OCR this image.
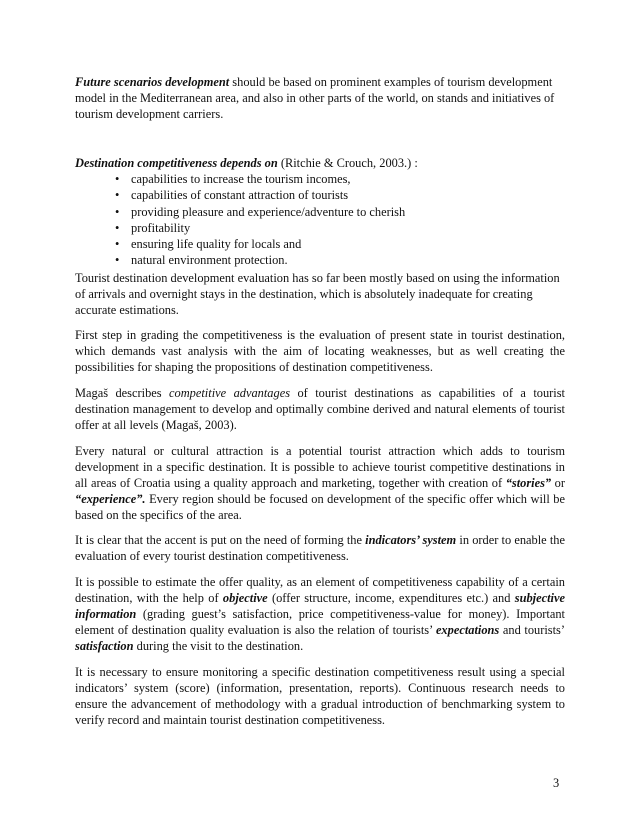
Future scenarios development should be based on prominent examples of tourism development model in the Mediterranean area, and also in other parts of the world, on stands and initiatives of tourism development carriers.

Destination competitiveness depends on (Ritchie & Crouch, 2003.) :

• capabilities to increase the tourism incomes,
• capabilities of constant attraction of tourists
• providing pleasure and experience/adventure to cherish
• profitability
• ensuring life quality for locals and
• natural environment protection.

Tourist destination development evaluation has so far been mostly based on using the information of arrivals and overnight stays in the destination, which is absolutely inadequate for creating accurate estimations.

First step in grading the competitiveness is the evaluation of present state in tourist destination, which demands vast analysis with the aim of locating weaknesses, but as well creating the possibilities for shaping the propositions of destination competitiveness.

Magaš describes competitive advantages of tourist destinations as capabilities of a tourist destination management to develop and optimally combine derived and natural elements of tourist offer at all levels (Magaš, 2003).

Every natural or cultural attraction is a potential tourist attraction which adds to tourism development in a specific destination. It is possible to achieve tourist competitive destinations in all areas of Croatia using a quality approach and marketing, together with creation of “stories” or “experience”. Every region should be focused on development of the specific offer which will be based on the specifics of the area.

It is clear that the accent is put on the need of forming the indicators’ system in order to enable the evaluation of every tourist destination competitiveness.

It is possible to estimate the offer quality, as an element of competitiveness capability of a certain destination, with the help of objective (offer structure, income, expenditures etc.) and subjective information (grading guest’s satisfaction, price competitiveness-value for money). Important element of destination quality evaluation is also the relation of tourists’ expectations and tourists’ satisfaction during the visit to the destination.

It is necessary to ensure monitoring a specific destination competitiveness result using a special indicators’ system (score) (information, presentation, reports). Continuous research needs to ensure the advancement of methodology with a gradual introduction of benchmarking system to verify record and maintain tourist destination competitiveness.

3
